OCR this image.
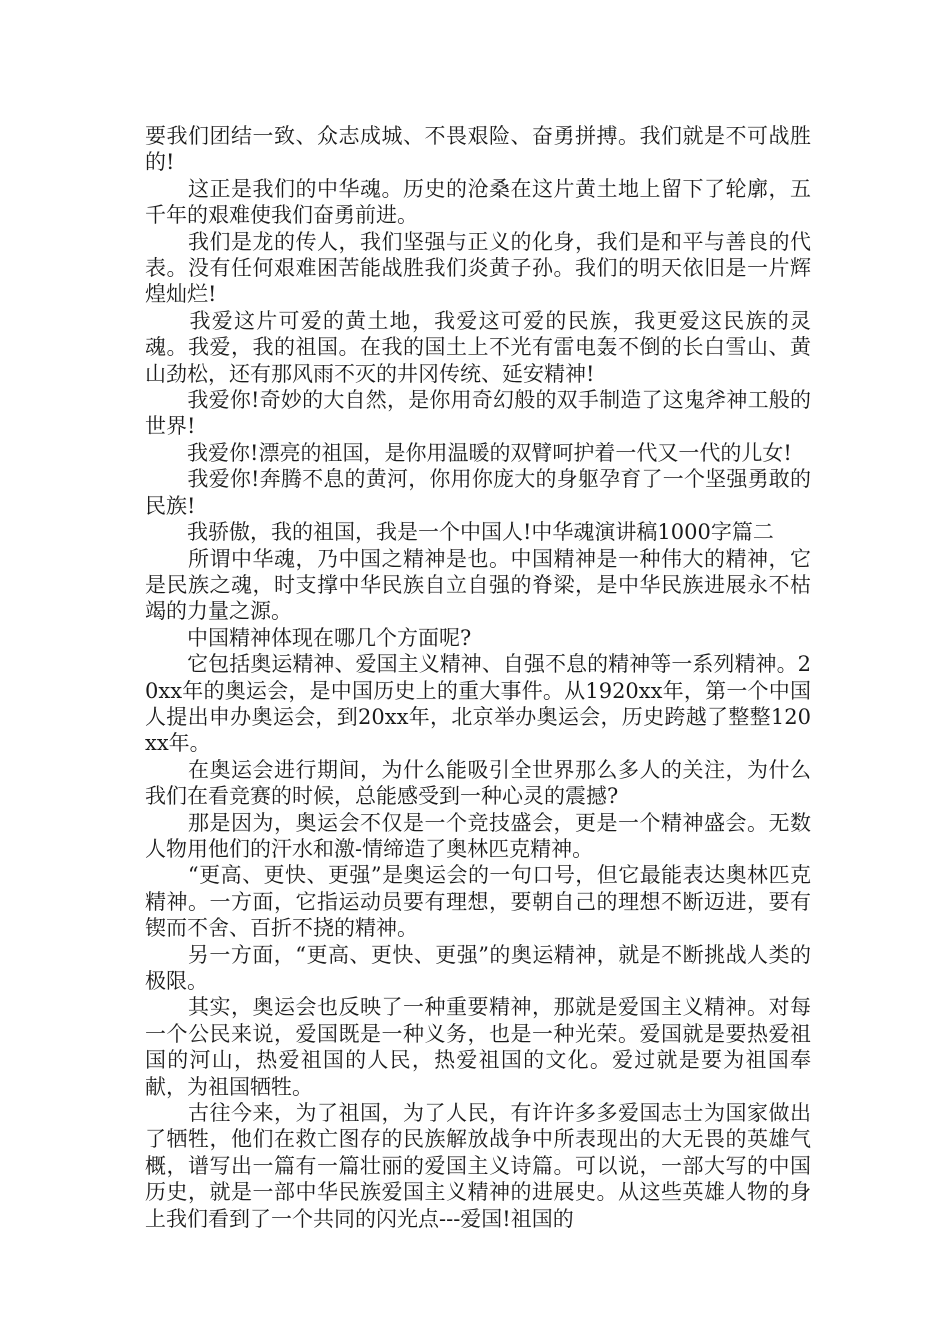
要我们团结一致、众志成城、不畏艰险、奋勇拼搏。我们就是不可战胜的!

　　这正是我们的中华魂。历史的沧桑在这片黄土地上留下了轮廓，五千年的艰难使我们奋勇前进。

　　我们是龙的传人，我们坚强与正义的化身，我们是和平与善良的代表。没有任何艰难困苦能战胜我们炎黄子孙。我们的明天依旧是一片辉煌灿烂!

　　我爱这片可爱的黄土地，我爱这可爱的民族，我更爱这民族的灵魂。我爱，我的祖国。在我的国土上不光有雷电轰不倒的长白雪山、黄山劲松，还有那风雨不灭的井冈传统、延安精神!

　　我爱你!奇妙的大自然，是你用奇幻般的双手制造了这鬼斧神工般的世界!

　　我爱你!漂亮的祖国，是你用温暖的双臂呵护着一代又一代的儿女!

　　我爱你!奔腾不息的黄河，你用你庞大的身躯孕育了一个坚强勇敢的民族!

　　我骄傲，我的祖国，我是一个中国人!中华魂演讲稿1000字篇二

　　所谓中华魂，乃中国之精神是也。中国精神是一种伟大的精神，它是民族之魂，时支撑中华民族自立自强的脊梁，是中华民族进展永不枯竭的力量之源。

　　中国精神体现在哪几个方面呢?

　　它包括奥运精神、爱国主义精神、自强不息的精神等一系列精神。20xx年的奥运会，是中国历史上的重大事件。从1920xx年，第一个中国人提出申办奥运会，到20xx年，北京举办奥运会，历史跨越了整整120xx年。

　　在奥运会进行期间，为什么能吸引全世界那么多人的关注，为什么我们在看竞赛的时候，总能感受到一种心灵的震撼?

　　那是因为，奥运会不仅是一个竞技盛会，更是一个精神盛会。无数人物用他们的汗水和激-情缔造了奥林匹克精神。

　　“更高、更快、更强”是奥运会的一句口号，但它最能表达奥林匹克精神。一方面，它指运动员要有理想，要朝自己的理想不断迈进，要有锲而不舍、百折不挠的精神。

　　另一方面，“更高、更快、更强”的奥运精神，就是不断挑战人类的极限。

　　其实，奥运会也反映了一种重要精神，那就是爱国主义精神。对每一个公民来说，爱国既是一种义务，也是一种光荣。爱国就是要热爱祖国的河山，热爱祖国的人民，热爱祖国的文化。爱过就是要为祖国奉献，为祖国牺牲。

　　古往今来，为了祖国，为了人民，有许许多多爱国志士为国家做出了牺牲，他们在救亡图存的民族解放战争中所表现出的大无畏的英雄气概，谱写出一篇有一篇壮丽的爱国主义诗篇。可以说，一部大写的中国历史，就是一部中华民族爱国主义精神的进展史。从这些英雄人物的身上我们看到了一个共同的闪光点---爱国!祖国的
